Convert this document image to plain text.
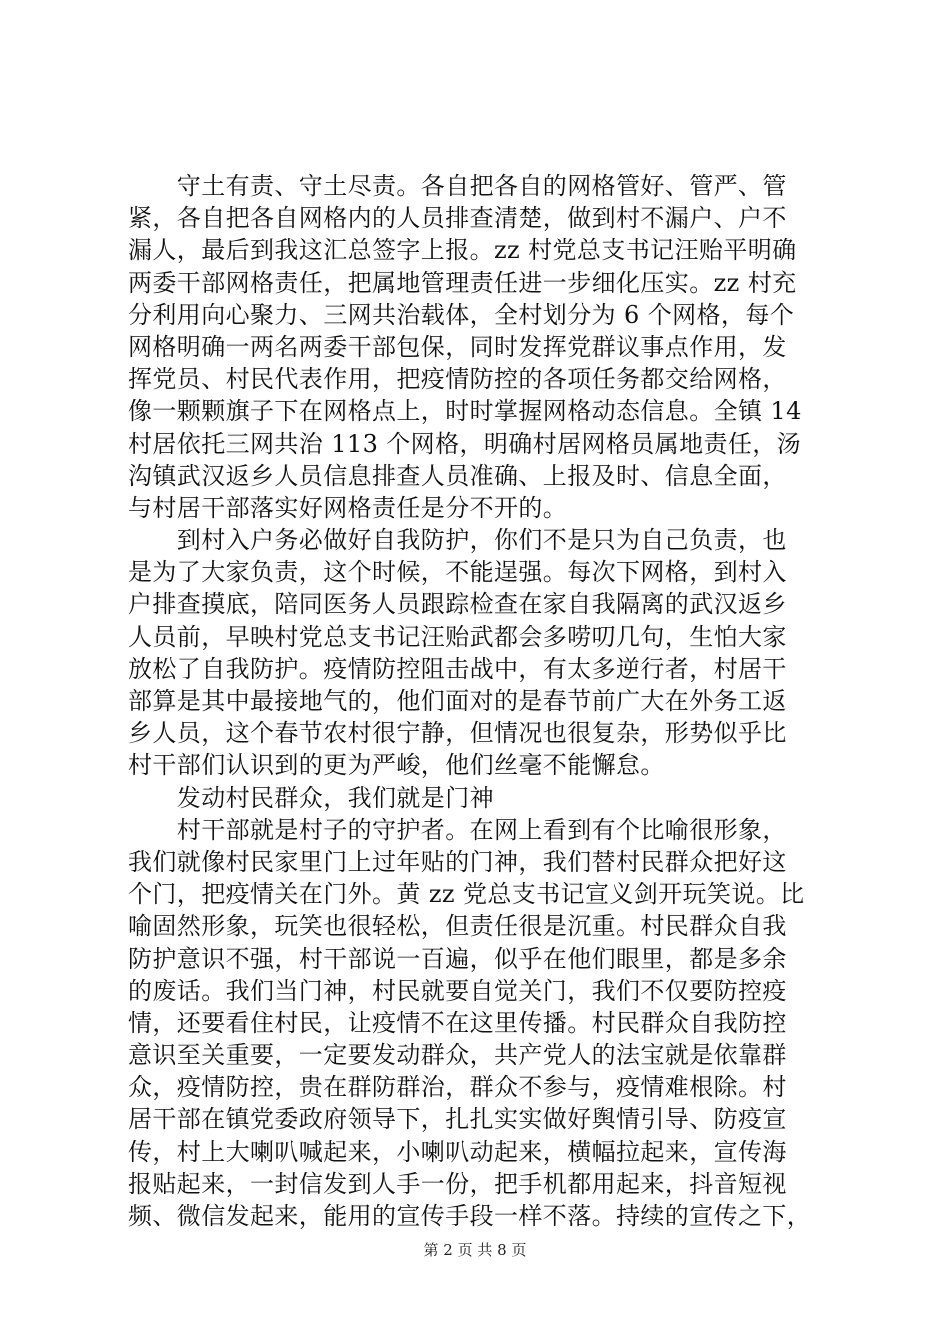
　　守土有责、守土尽责。各自把各自的网格管好、管严、管
紧，各自把各自网格内的人员排查清楚，做到村不漏户、户不
漏人，最后到我这汇总签字上报。zz 村党总支书记汪贻平明确
两委干部网格责任，把属地管理责任进一步细化压实。zz 村充
分利用向心聚力、三网共治载体，全村划分为 6 个网格，每个
网格明确一两名两委干部包保，同时发挥党群议事点作用，发
挥党员、村民代表作用，把疫情防控的各项任务都交给网格，
像一颗颗旗子下在网格点上，时时掌握网格动态信息。全镇 14
村居依托三网共治 113 个网格，明确村居网格员属地责任，汤
沟镇武汉返乡人员信息排查人员准确、上报及时、信息全面，
与村居干部落实好网格责任是分不开的。
　　到村入户务必做好自我防护，你们不是只为自己负责，也
是为了大家负责，这个时候，不能逞强。每次下网格，到村入
户排查摸底，陪同医务人员跟踪检查在家自我隔离的武汉返乡
人员前，早映村党总支书记汪贻武都会多唠叨几句，生怕大家
放松了自我防护。疫情防控阻击战中，有太多逆行者，村居干
部算是其中最接地气的，他们面对的是春节前广大在外务工返
乡人员，这个春节农村很宁静，但情况也很复杂，形势似乎比
村干部们认识到的更为严峻，他们丝毫不能懈怠。
　　发动村民群众，我们就是门神
　　村干部就是村子的守护者。在网上看到有个比喻很形象，
我们就像村民家里门上过年贴的门神，我们替村民群众把好这
个门，把疫情关在门外。黄 zz 党总支书记宣义剑开玩笑说。比
喻固然形象，玩笑也很轻松，但责任很是沉重。村民群众自我
防护意识不强，村干部说一百遍，似乎在他们眼里，都是多余
的废话。我们当门神，村民就要自觉关门，我们不仅要防控疫
情，还要看住村民，让疫情不在这里传播。村民群众自我防控
意识至关重要，一定要发动群众，共产党人的法宝就是依靠群
众，疫情防控，贵在群防群治，群众不参与，疫情难根除。村
居干部在镇党委政府领导下，扎扎实实做好舆情引导、防疫宣
传，村上大喇叭喊起来，小喇叭动起来，横幅拉起来，宣传海
报贴起来，一封信发到人手一份，把手机都用起来，抖音短视
频、微信发起来，能用的宣传手段一样不落。持续的宣传之下，
第 2 页 共 8 页
